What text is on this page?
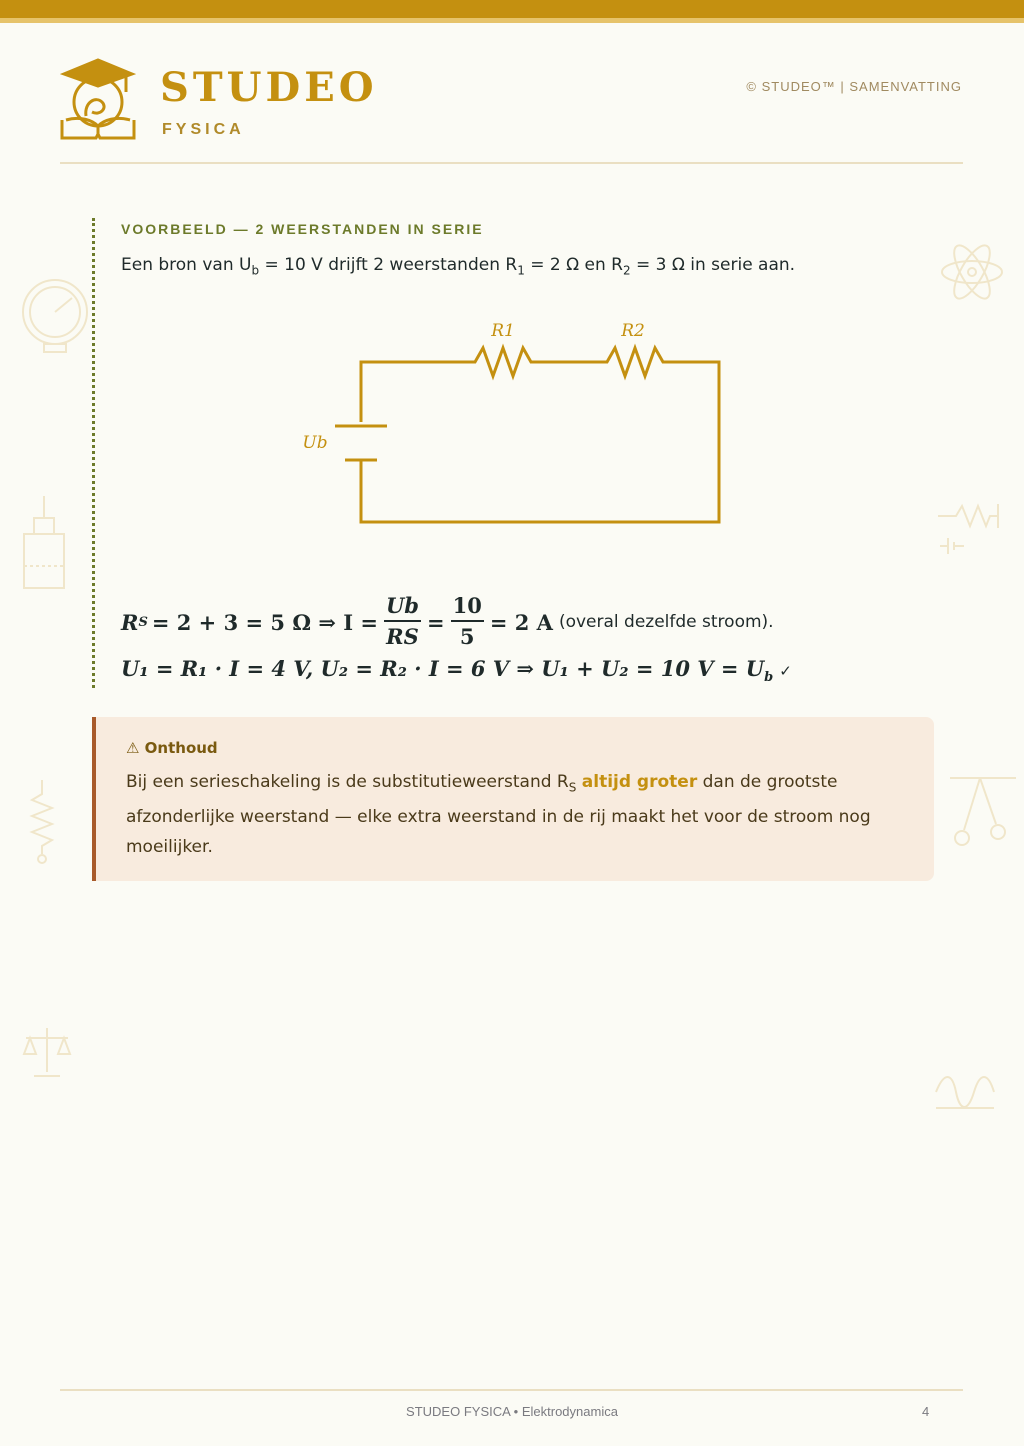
STUDEO
FYSICA
© STUDEO™ | SAMENVATTING
VOORBEELD — 2 WEERSTANDEN IN SERIE
Een bron van $U_b = 10$ V drijft 2 weerstanden $R_1 = 2$ Ω en $R_2 = 3$ Ω in serie aan.
R1	R2
Ub
R S = 2 + 3 = 5 Ω ⇒ $I = \frac{Ub}{RS} = \frac{10}{5} = 2$ A (overal dezelfde stroom).
U₁ = R₁ · I = 4 V, U₂ = R₂ · I = 6 V ⇒ U₁ + U₂ = 10 $V = U_b$ ✓
⚠ Onthoud
Bij een serieschakeling is de substitutieweerstand $R_S$ altijd groter dan de grootste afzonderlijke weerstand — elke extra weerstand in de rij maakt het voor de stroom nog moeilijker.
STUDEO FYSICA • Elektrodynamica	4
